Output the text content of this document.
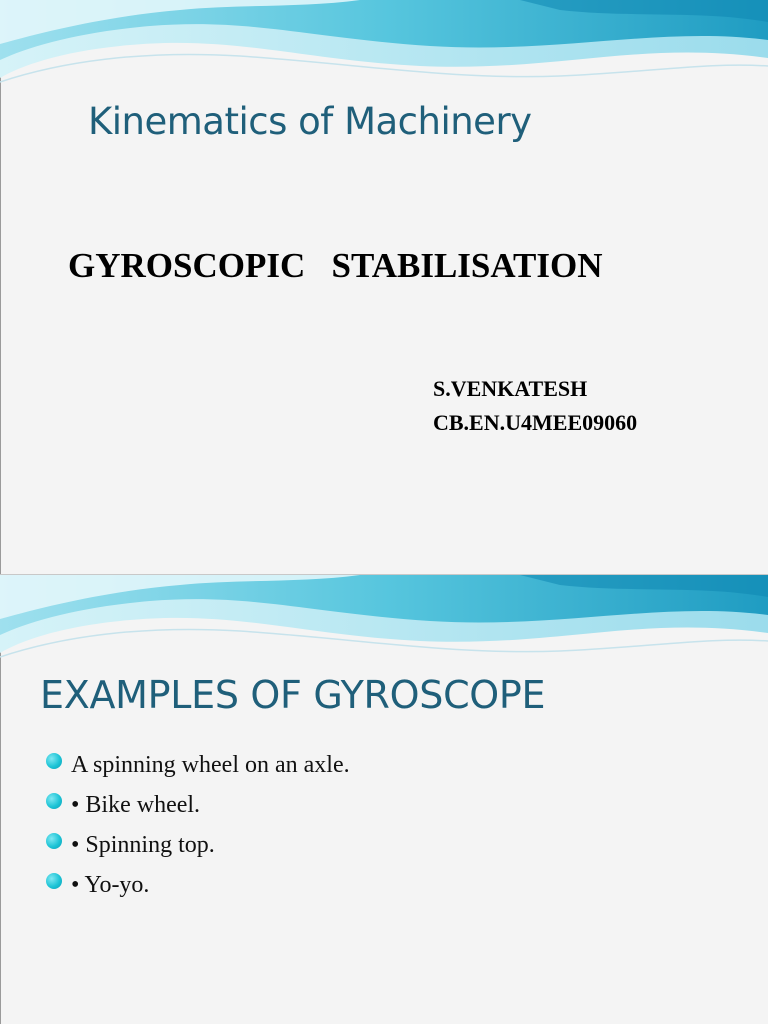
Kinematics of Machinery
GYROSCOPIC   STABILISATION
S.VENKATESH
CB.EN.U4MEE09060
EXAMPLES OF GYROSCOPE
A spinning wheel on an axle.
• Bike wheel.
• Spinning top.
• Yo-yo.
